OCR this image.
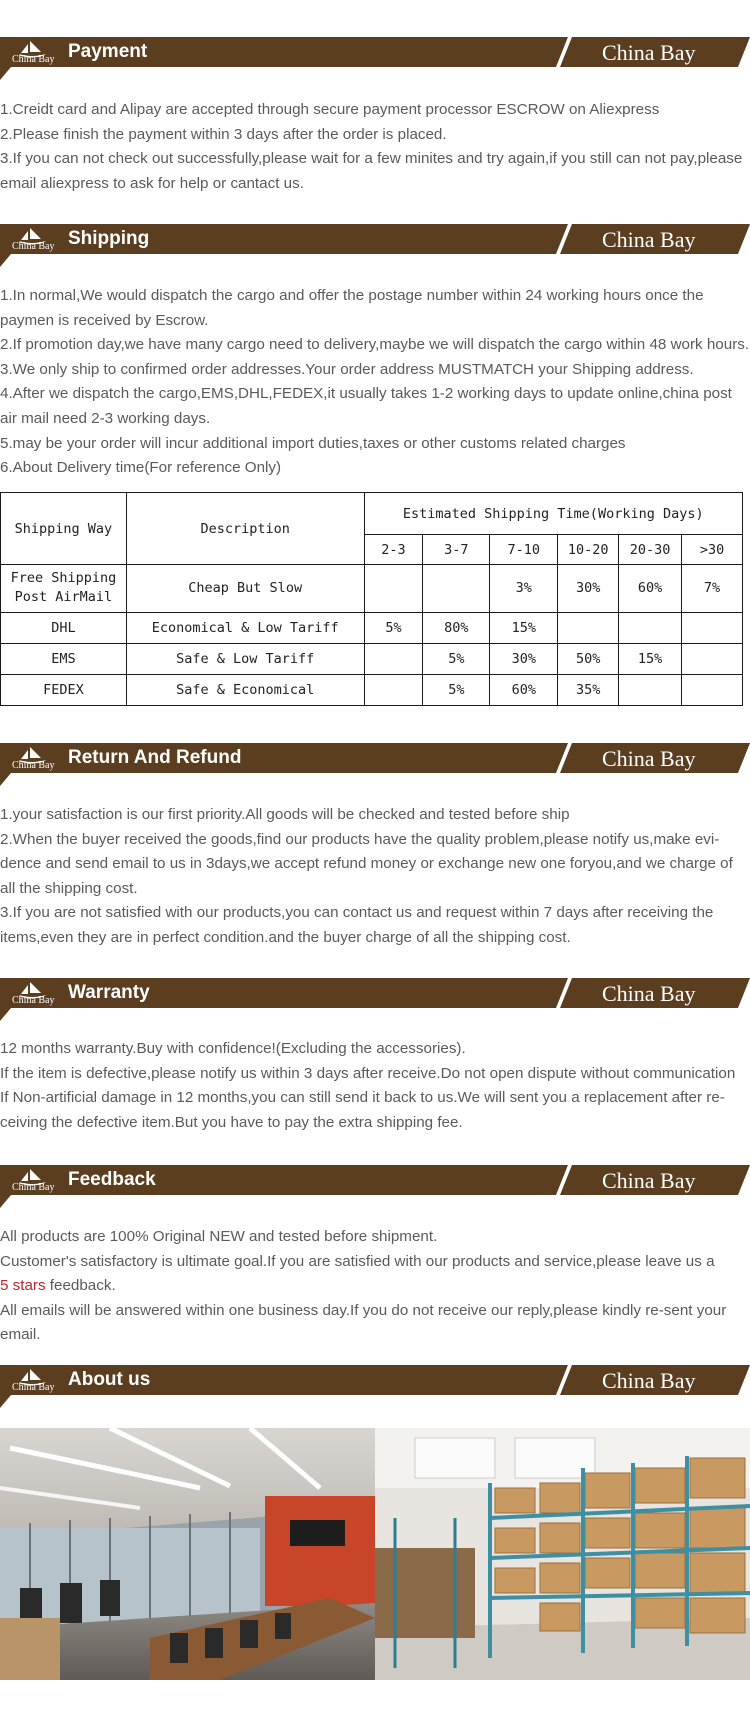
China Bay Payment	China Bay

1.Creidt card and Alipay are accepted through secure payment processor ESCROW on Aliexpress

2.Please finish the payment within 3 days after the order is placed.

3.If you can not check out successfully,please wait for a few minites and try again,if you still can not pay,please email aliexpress to ask for help or cantact us.

China Bay Shipping	China Bay

1.In normal,We would dispatch the cargo and offer the postage number within 24 working hours once the paymen is received by Escrow.

2.If promotion day,we have many cargo need to delivery,maybe we will dispatch the cargo within 48 work hours.

3.We only ship to confirmed order addresses.Your order address MUSTMATCH your Shipping address.

4.After we dispatch the cargo,EMS,DHL,FEDEX,it usually takes 1-2 working days to update online,china post air mail need 2-3 working days.

5.may be your order will incur additional import duties,taxes or other customs related charges

6.About Delivery time(For reference Only)

Shipping Way	Description	Estimated Shipping Time(Working Days)					
		2-3	3-7	7-10	10-20	20-30	>30
Free Shipping Post AirMail	Cheap But Slow			3%	30%	60%	7%
DHL	Economical & Low Tariff	5%	80%	15%			
EMS	Safe & Low Tariff		5%	30%	50%	15%	
FEDEX	Safe & Economical		5%	60%	35%		
China Bay Return And Refund	China Bay

1.your satisfaction is our first priority.All goods will be checked and tested before ship

2.When the buyer received the goods,find our products have the quality problem,please notify us,make evi-dence and send email to us in 3days,we accept refund money or exchange new one foryou,and we charge of all the shipping cost.

3.If you are not satisfied with our products,you can contact us and request within 7 days after receiving the items,even they are in perfect condition.and the buyer charge of all the shipping cost.

China Bay Warranty	China Bay

12 months warranty.Buy with confidence!(Excluding the accessories).

If the item is defective,please notify us within 3 days after receive.Do not open dispute without communication

If Non-artificial damage in 12 months,you can still send it back to us.We will sent you a replacement after re-ceiving the defective item.But you have to pay the extra shipping fee.

China Bay Feedback	China Bay

All products are 100% Original NEW and tested before shipment.

Customer's satisfactory is ultimate goal.If you are satisfied with our products and service,please leave us a

5 stars feedback.

All emails will be answered within one business day.If you do not receive our reply,please kindly re-sent your email.

China Bay About us	China Bay
